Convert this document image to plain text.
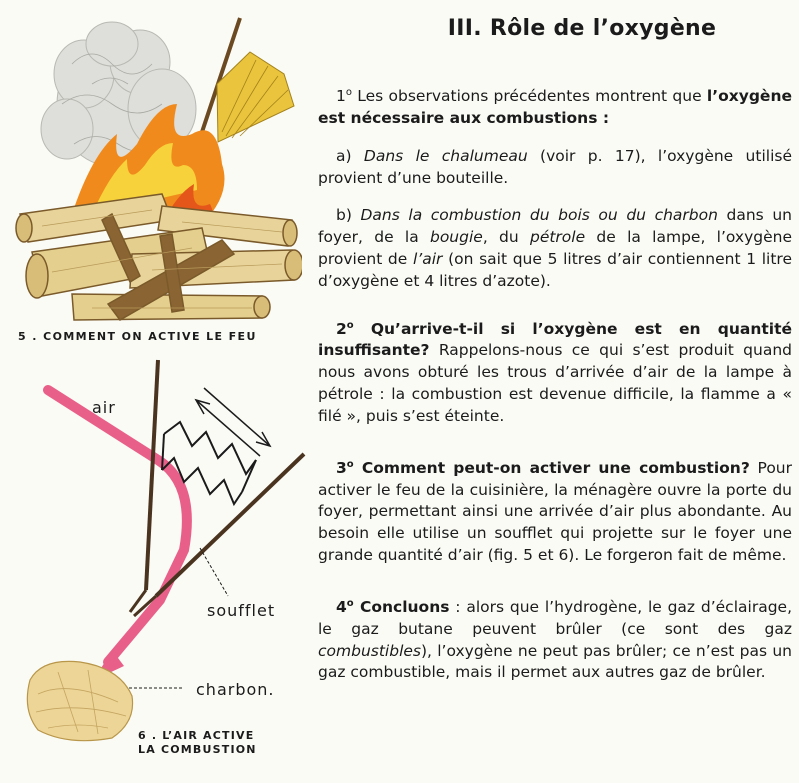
5 . COMMENT ON ACTIVE LE FEU
air
soufflet
charbon.
6 . L’AIR ACTIVE
LA COMBUSTION
III. Rôle de l’oxygène

1$^o$ Les observations précédentes montrent que l’oxygène est nécessaire aux combustions :

a) Dans le chalumeau (voir p. 17), l’oxygène utilisé provient d’une bouteille.

b) Dans la combustion du bois ou du charbon dans un foyer, de la bougie, du pétrole de la lampe, l’oxygène provient de l’air (on sait que 5 litres d’air contiennent 1 litre d’oxygène et 4 litres d’azote).

2$^o$ Qu’arrive-t-il si l’oxygène est en quantité insuffisante? Rappelons-nous ce qui s’est produit quand nous avons obturé les trous d’arrivée d’air de la lampe à pétrole : la combustion est devenue difficile, la flamme a « filé », puis s’est éteinte.

3$^o$ Comment peut-on activer une combustion? Pour activer le feu de la cuisinière, la ménagère ouvre la porte du foyer, permettant ainsi une arrivée d’air plus abondante. Au besoin elle utilise un soufflet qui projette sur le foyer une grande quantité d’air (fig. 5 et 6). Le forgeron fait de même.

4$^o$ Concluons : alors que l’hydrogène, le gaz d’éclairage, le gaz butane peuvent brûler (ce sont des gaz combustibles), l’oxygène ne peut pas brûler; ce n’est pas un gaz combustible, mais il permet aux autres gaz de brûler.
